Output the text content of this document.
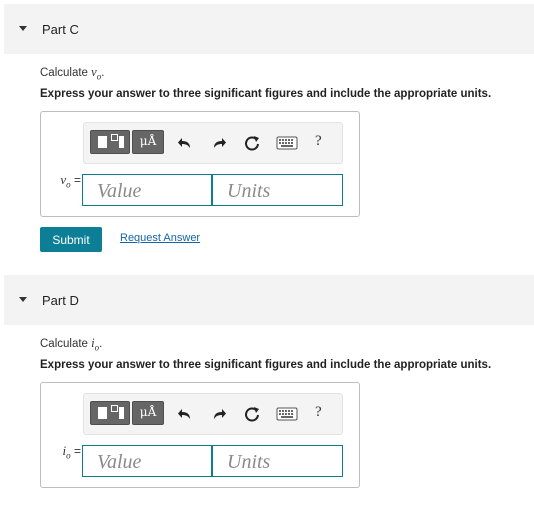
Part C
Calculate $v_o$.
Express your answer to three significant figures and include the appropriate units.
μÅ	?
$v_o$ =
Value
Units
Submit	Request Answer
Part D
Calculate $i_o$.
Express your answer to three significant figures and include the appropriate units.
μÅ	?
$i_o$ =
Value
Units
